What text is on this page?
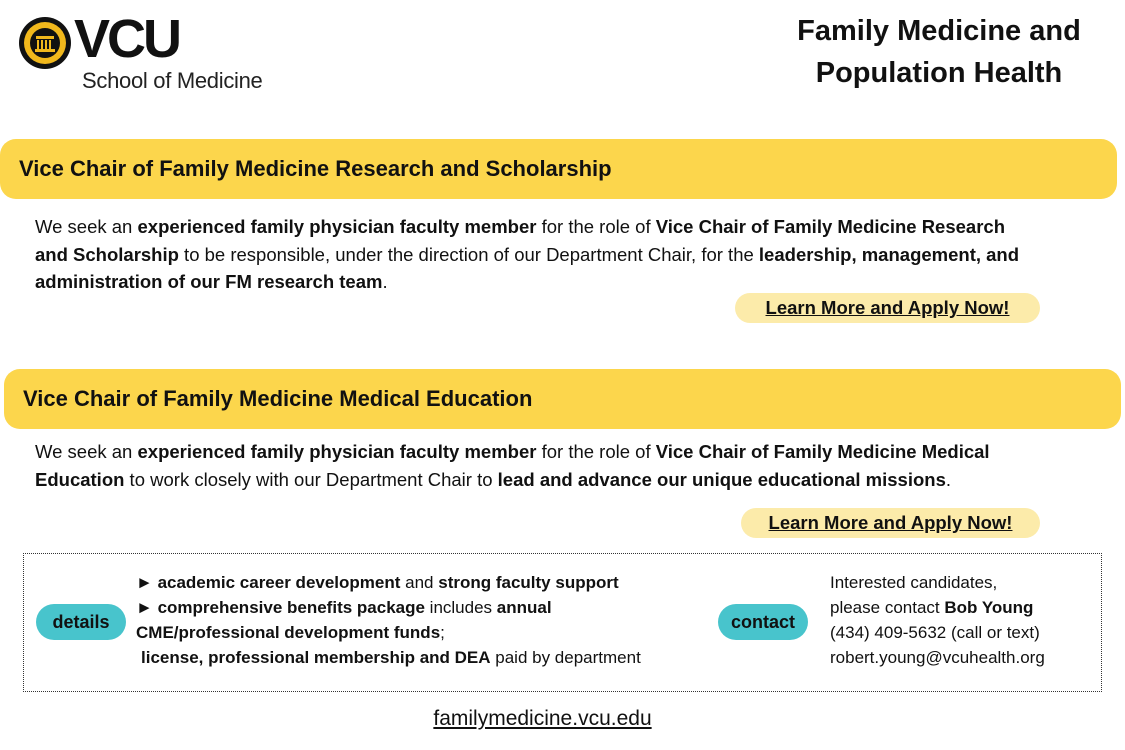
VCU
School of Medicine
Family Medicine and
Population Health
Vice Chair of Family Medicine Research and Scholarship
We seek an experienced family physician faculty member for the role of Vice Chair of Family Medicine Research and Scholarship to be responsible, under the direction of our Department Chair, for the leadership, management, and administration of our FM research team.
Learn More and Apply Now!
Vice Chair of Family Medicine Medical Education
We seek an experienced family physician faculty member for the role of Vice Chair of Family Medicine Medical Education to work closely with our Department Chair to lead and advance our unique educational missions.
Learn More and Apply Now!
details
► academic career development and strong faculty support
► comprehensive benefits package includes annual
CME/professional development funds;
license, professional membership and DEA paid by department
contact
Interested candidates,
please contact Bob Young
(434) 409-5632 (call or text)
robert.young@vcuhealth.org
familymedicine.vcu.edu
